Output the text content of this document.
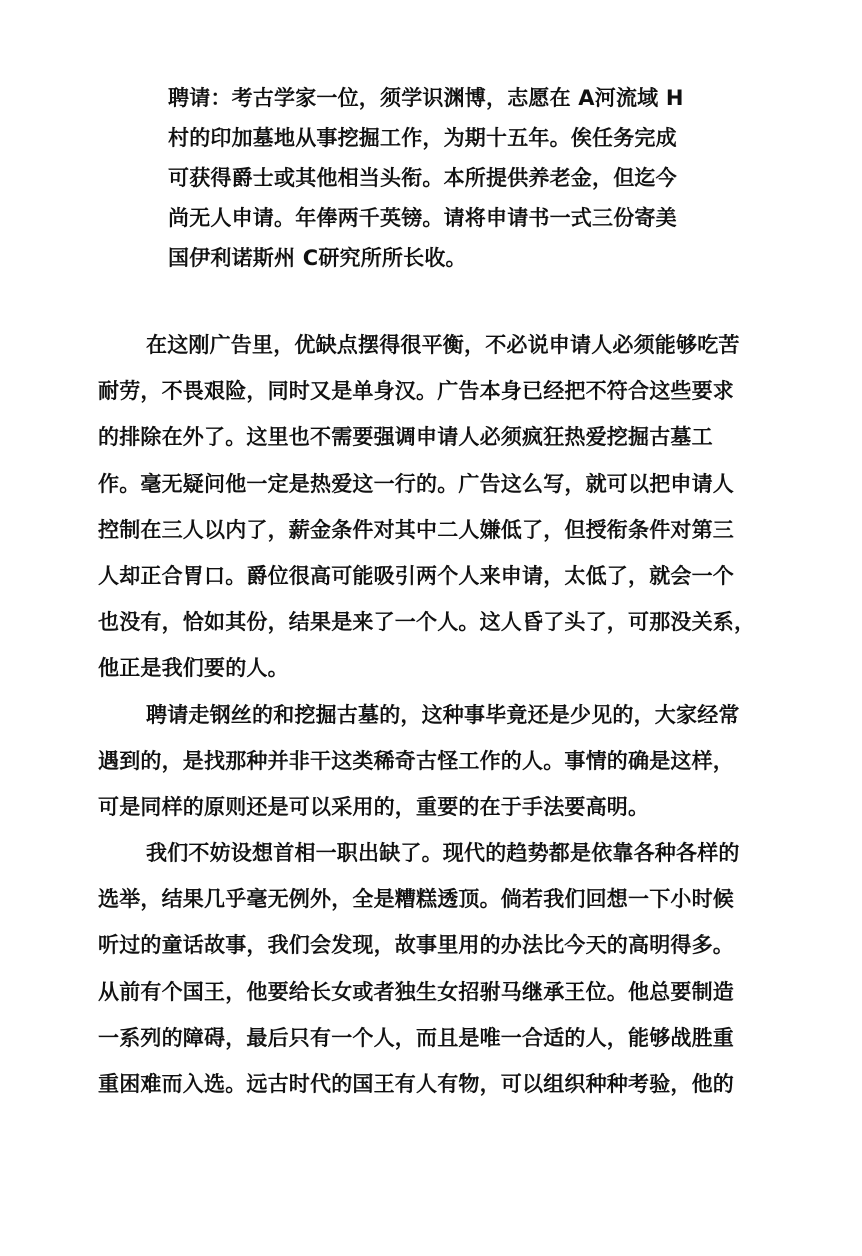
聘请：考古学家一位，须学识渊博，志愿在 A河流域 H
村的印加墓地从事挖掘工作，为期十五年。俟任务完成
可获得爵士或其他相当头衔。本所提供养老金，但迄今
尚无人申请。年俸两千英镑。请将申请书一式三份寄美
国伊利诺斯州 C研究所所长收。
在这刚广告里，优缺点摆得很平衡，不必说申请人必须能够吃苦
耐劳，不畏艰险，同时又是单身汉。广告本身已经把不符合这些要求
的排除在外了。这里也不需要强调申请人必须疯狂热爱挖掘古墓工
作。毫无疑问他一定是热爱这一行的。广告这么写，就可以把申请人
控制在三人以内了，薪金条件对其中二人嫌低了，但授衔条件对第三
人却正合胃口。爵位很高可能吸引两个人来申请，太低了，就会一个
也没有，恰如其份，结果是来了一个人。这人昏了头了，可那没关系，
他正是我们要的人。
聘请走钢丝的和挖掘古墓的，这种事毕竟还是少见的，大家经常
遇到的，是找那种并非干这类稀奇古怪工作的人。事情的确是这样，
可是同样的原则还是可以采用的，重要的在于手法要高明。
我们不妨设想首相一职出缺了。现代的趋势都是依靠各种各样的
选举，结果几乎毫无例外，全是糟糕透顶。倘若我们回想一下小时候
听过的童话故事，我们会发现，故事里用的办法比今天的高明得多。
从前有个国王，他要给长女或者独生女招驸马继承王位。他总要制造
一系列的障碍，最后只有一个人，而且是唯一合适的人，能够战胜重
重困难而入选。远古时代的国王有人有物，可以组织种种考验，他的
